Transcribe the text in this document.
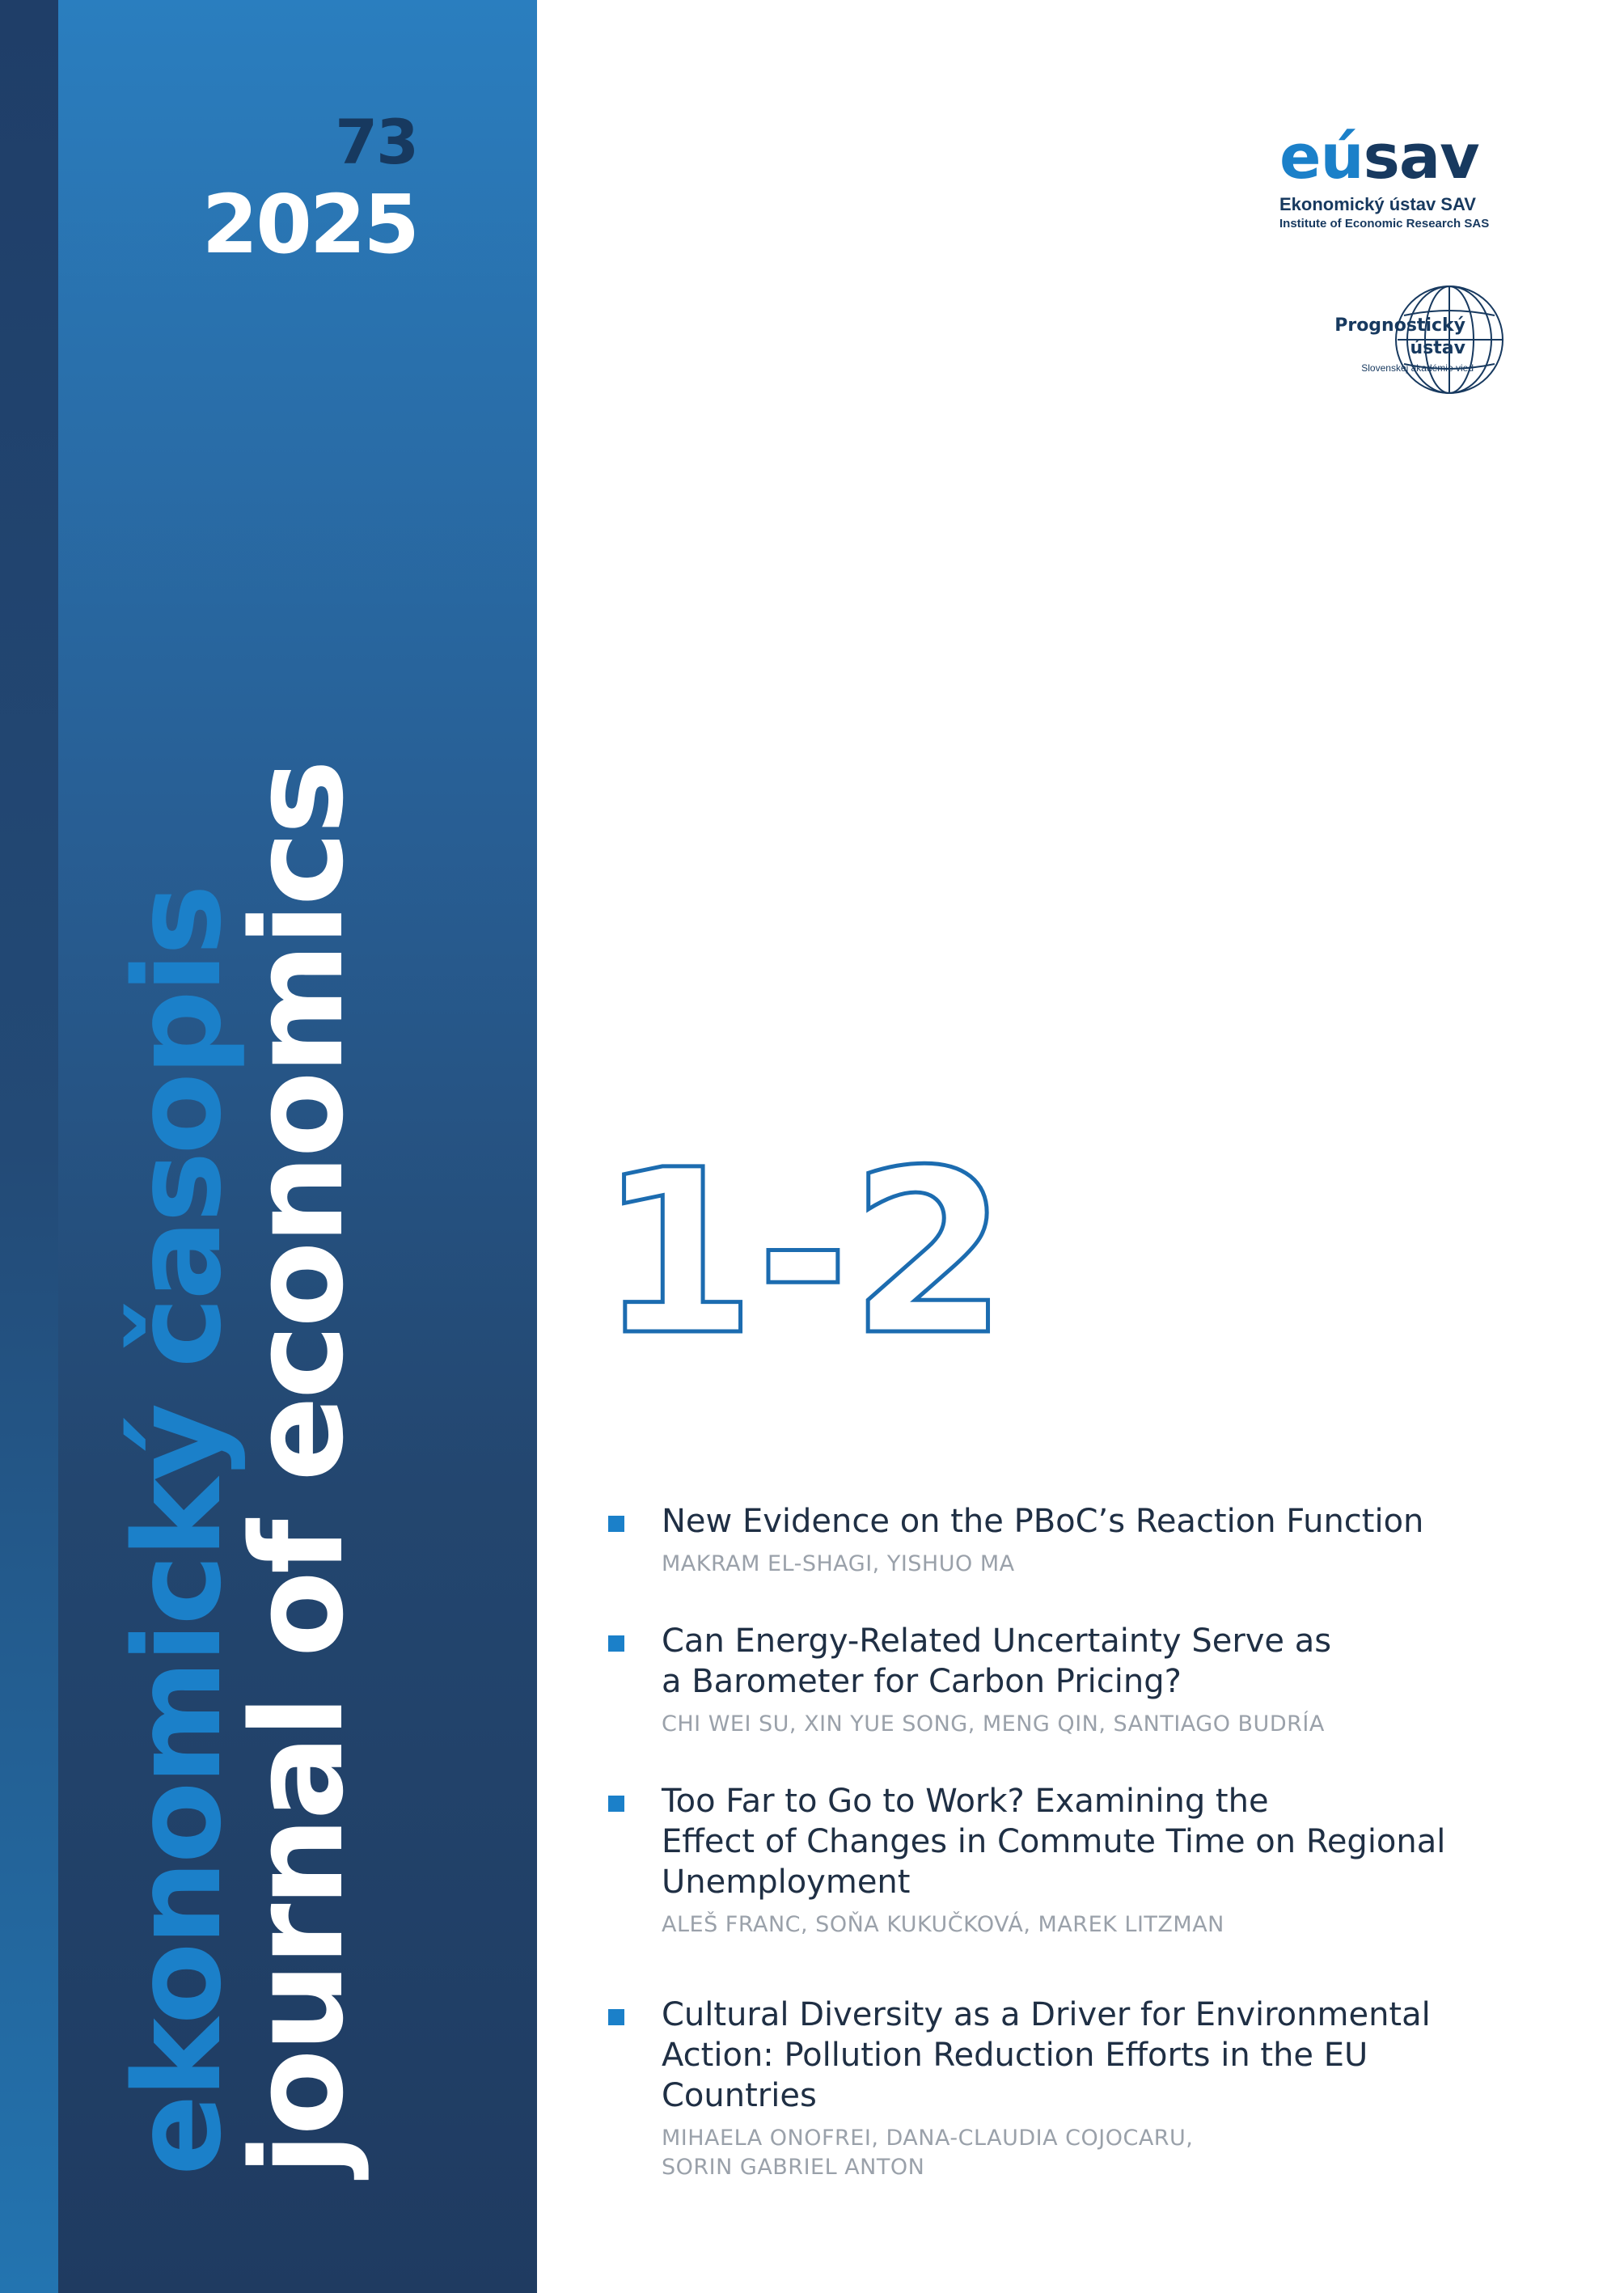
73

2025

ekonomický časopis

journal of economics

eúsav
Ekonomický ústav SAV
Institute of Economic Research SAS
Prognostický
ústav
Slovenskej akadémie vied
1-2

New Evidence on the PBoC’s Reaction Function

MAKRAM EL-SHAGI, YISHUO MA

Can Energy-Related Uncertainty Serve as
a Barometer for Carbon Pricing?

CHI WEI SU, XIN YUE SONG, MENG QIN, SANTIAGO BUDRÍA

Too Far to Go to Work? Examining the
Effect of Changes in Commute Time on Regional
Unemployment

ALEŠ FRANC, SOŇA KUKUČKOVÁ, MAREK LITZMAN

Cultural Diversity as a Driver for Environmental
Action: Pollution Reduction Efforts in the EU
Countries

MIHAELA ONOFREI, DANA-CLAUDIA COJOCARU,
SORIN GABRIEL ANTON
